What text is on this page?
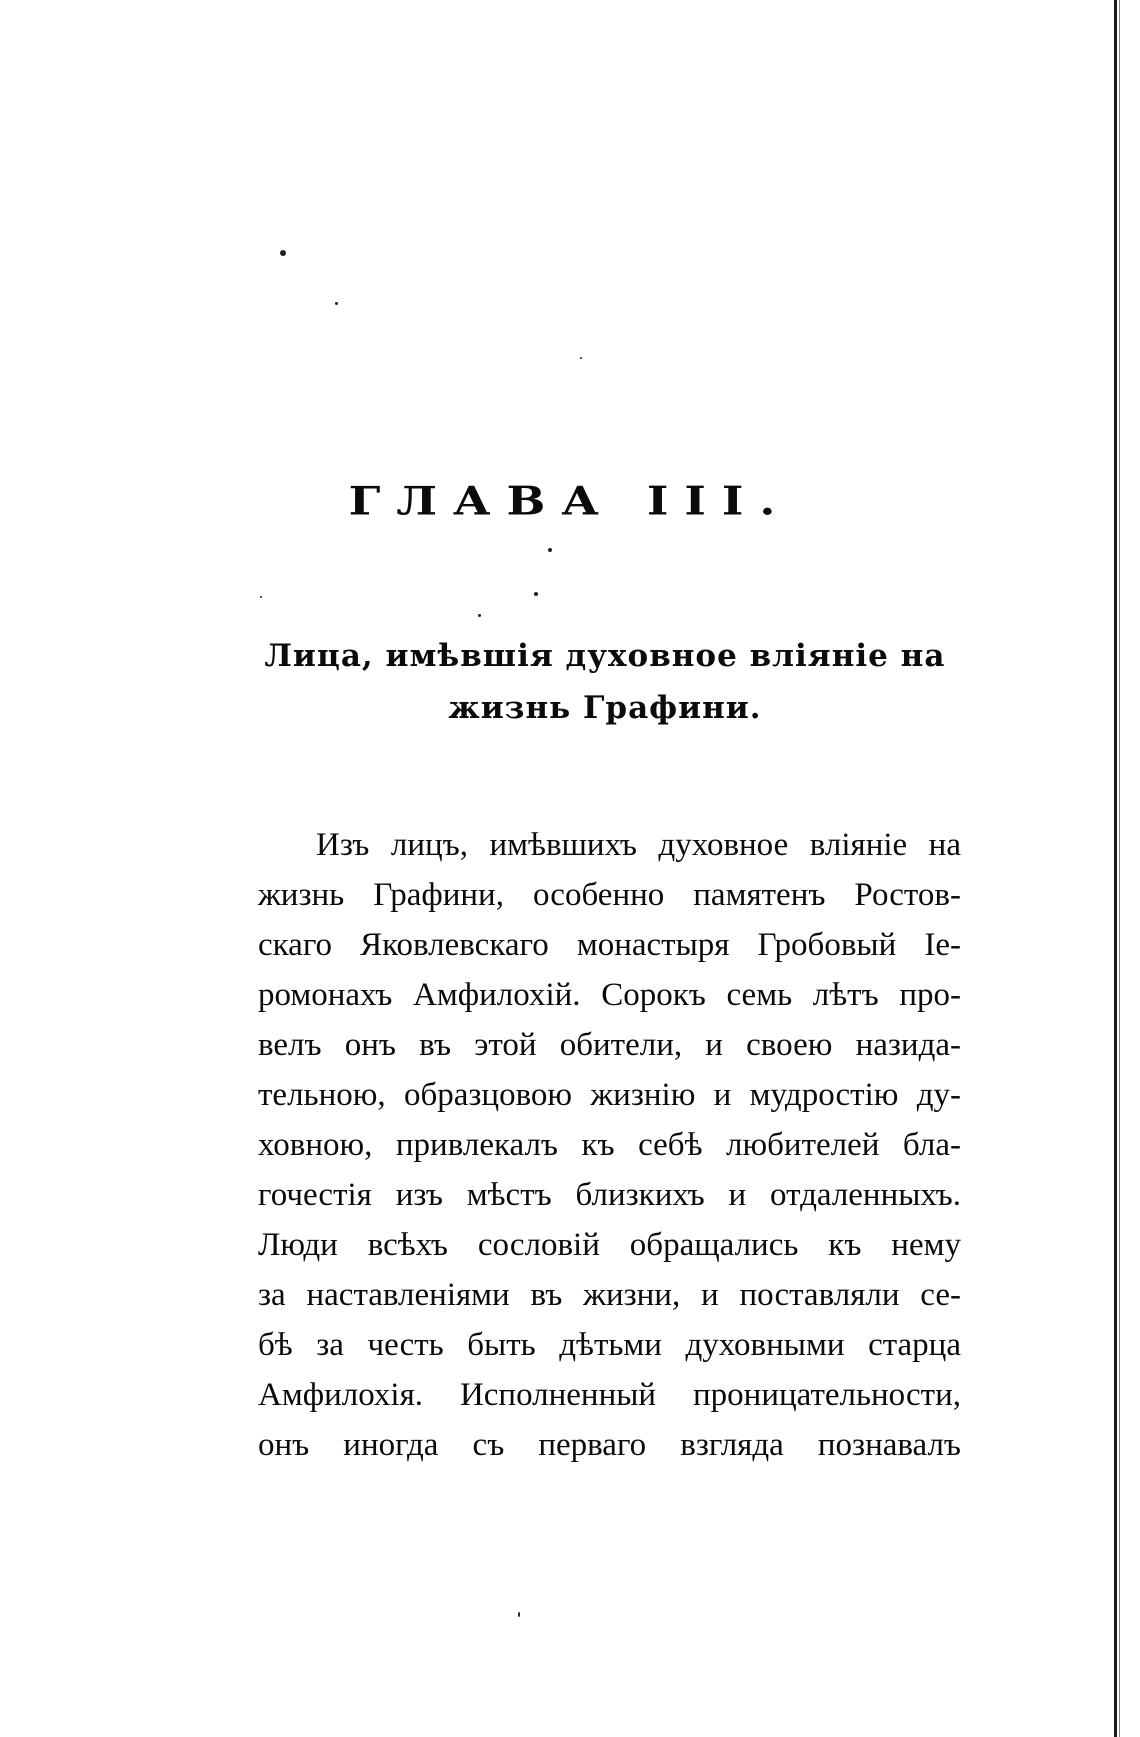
ГЛАВА III.
Лица, имѣвшія духовное вліяніе на
жизнь Графини.
Изъ лицъ, имѣвшихъ духовное вліяніе на
жизнь Графини, особенно памятенъ Ростов-
скаго Яковлевскаго монастыря Гробовый Іе-
ромонахъ Амфилохій. Сорокъ семь лѣтъ про-
велъ онъ въ этой обители, и своею назида-
тельною, образцовою жизнію и мудростію ду-
ховною, привлекалъ къ себѣ любителей бла-
гочестія изъ мѣстъ близкихъ и отдаленныхъ.
Люди всѣхъ сословій обращались къ нему
за наставленіями въ жизни, и поставляли се-
бѣ за честь быть дѣтьми духовными старца
Амфилохія. Исполненный проницательности,
онъ иногда съ перваго взгляда познавалъ
